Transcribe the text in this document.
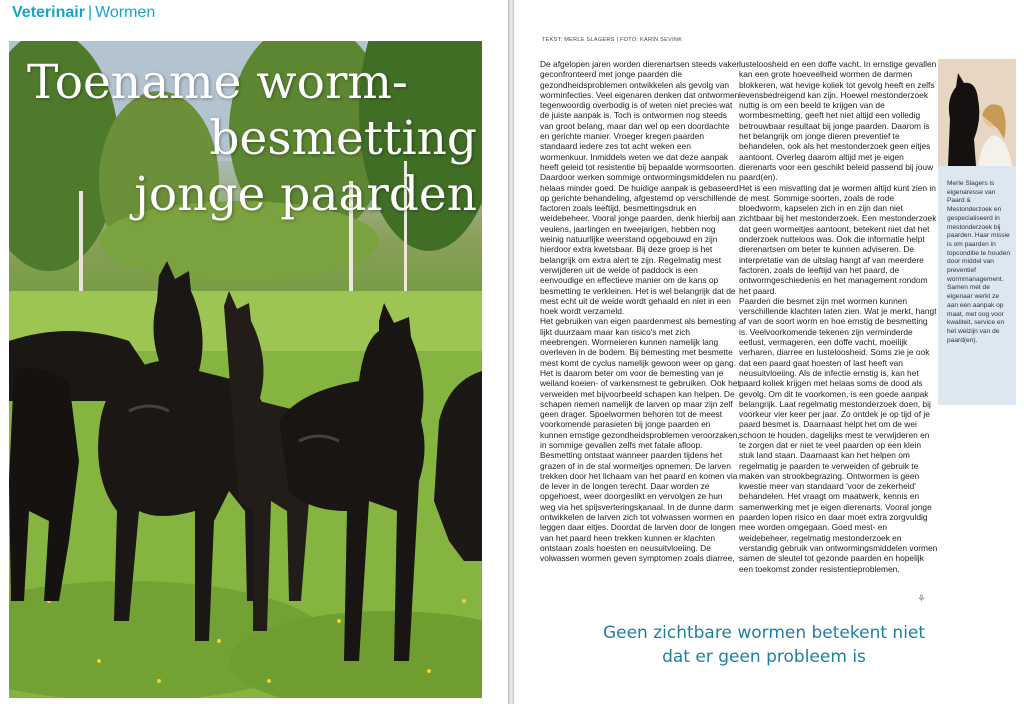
Veterinair | Wormen
Toename worm-
besmetting
jonge paarden
TEKST: MERLE SLAGERS | FOTO: KARIN SEVINK

De afgelopen jaren worden dierenartsen steeds vaker geconfronteerd met jonge paarden die gezondheidsproblemen ontwikkelen als gevolg van worminfecties. Veel eigenaren denken dat ontwormen tegenwoordig overbodig is of weten niet precies wat de juiste aanpak is. Toch is ontwormen nog steeds van groot belang, maar dan wel op een doordachte en gerichte manier. Vroeger kregen paarden standaard iedere zes tot acht weken een wormenkuur. Inmiddels weten we dat deze aanpak heeft geleid tot resistentie bij bepaalde wormsoorten. Daardoor werken sommige ontwormingsmiddelen nu helaas minder goed. De huidige aanpak is gebaseerd op gerichte behandeling, afgestemd op verschillende factoren zoals leeftijd, besmettingsdruk en weidebeheer. Vooral jonge paarden, denk hierbij aan veulens, jaarlingen en tweejarigen, hebben nog weinig natuurlijke weerstand opgebouwd en zijn hierdoor extra kwetsbaar. Bij deze groep is het belangrijk om extra alert te zijn. Regelmatig mest verwijderen uit de weide of paddock is een eenvoudige en effectieve manier om de kans op besmetting te verkleinen. Het is wel belangrijk dat de mest echt uit de weide wordt gehaald en niet in een hoek wordt verzameld.

Het gebruiken van eigen paardenmest als bemesting lijkt duurzaam maar kan risico's met zich meebrengen. Wormeieren kunnen namelijk lang overleven in de bodem. Bij bemesting met besmette mest komt de cyclus namelijk gewoon weer op gang. Het is daarom beter om voor de bemesting van je weiland koeien- of varkensmest te gebruiken. Ook het verweiden met bijvoorbeeld schapen kan helpen. De schapen nemen namelijk de larven op maar zijn zelf geen drager. Spoelwormen behoren tot de meest voorkomende parasieten bij jonge paarden en kunnen ernstige gezondheidsproblemen veroorzaken, in sommige gevallen zelfs met fatale afloop. Besmetting ontstaat wanneer paarden tijdens het grazen of in de stal wormeitjes opnemen. De larven trekken door het lichaam van het paard en komen via de lever in de longen terecht. Daar worden ze opgehoest, weer doorgeslikt en vervolgen ze hun weg via het spijsverteringskanaal. In de dunne darm ontwikkelen de larven zich tot volwassen wormen en leggen daar eitjes. Doordat de larven door de longen van het paard heen trekken kunnen er klachten ontstaan zoals hoesten en neusuitvloeiing. De volwassen wormen geven symptomen zoals diarree,

lusteloosheid en een doffe vacht. In ernstige gevallen kan een grote hoeveelheid wormen de darmen blokkeren, wat hevige koliek tot gevolg heeft en zelfs levensbedreigend kan zijn. Hoewel mestonderzoek nuttig is om een beeld te krijgen van de wormbesmetting, geeft het niet altijd een volledig betrouwbaar resultaat bij jonge paarden. Daarom is het belangrijk om jonge dieren preventief te behandelen, ook als het mestonderzoek geen eitjes aantoont. Overleg daarom altijd met je eigen dierenarts voor een geschikt beleid passend bij jouw paard(en).

Het is een misvatting dat je wormen altijd kunt zien in de mest. Sommige soorten, zoals de rode bloedworm, kapselen zich in en zijn dan niet zichtbaar bij het mestonderzoek. Een mestonderzoek dat geen wormeitjes aantoont, betekent niet dat het onderzoek nutteloos was. Ook die informatie helpt dierenartsen om beter te kunnen adviseren. De interpretatie van de uitslag hangt af van meerdere factoren, zoals de leeftijd van het paard, de ontwormgeschiedenis en het management rondom het paard.

Paarden die besmet zijn met wormen kunnen verschillende klachten laten zien. Wat je merkt, hangt af van de soort worm en hoe ernstig de besmetting is. Veelvoorkomende tekenen zijn verminderde eetlust, vermageren, een doffe vacht, moeilijk verharen, diarree en lusteloosheid. Soms zie je ook dat een paard gaat hoesten of last heeft van neusuitvloeiing. Als de infectie ernstig is, kan het paard koliek krijgen met helaas soms de dood als gevolg. Om dit te voorkomen, is een goede aanpak belangrijk. Laat regelmatig mestonderzoek doen, bij voorkeur vier keer per jaar. Zo ontdek je op tijd of je paard besmet is. Daarnaast helpt het om de wei schoon te houden, dagelijks mest te verwijderen en te zorgen dat er niet te veel paarden op een klein stuk land staan. Daarnaast kan het helpen om regelmatig je paarden te verweiden of gebruik te maken van strookbegrazing. Ontwormen is geen kwestie meer van standaard 'voor de zekerheid' behandelen. Het vraagt om maatwerk, kennis en samenwerking met je eigen dierenarts. Vooral jonge paarden lopen risico en daar moet extra zorgvuldig mee worden omgegaan. Goed mest- en weidebeheer, regelmatig mestonderzoek en verstandig gebruik van ontwormingsmiddelen vormen samen de sleutel tot gezonde paarden en hopelijk een toekomst zonder resistentieproblemen.

⚘
Merle Slagers is eigenaresse van Paard & Mestonderzoek en gespecialiseerd in mestonderzoek bij paarden. Haar missie is om paarden in topconditie te houden door middel van preventief wormmanagement. Samen met de eigenaar werkt ze aan een aanpak op maat, met oog voor kwaliteit, service en het welzijn van de paard(en).
Geen zichtbare wormen betekent niet
dat er geen probleem is
